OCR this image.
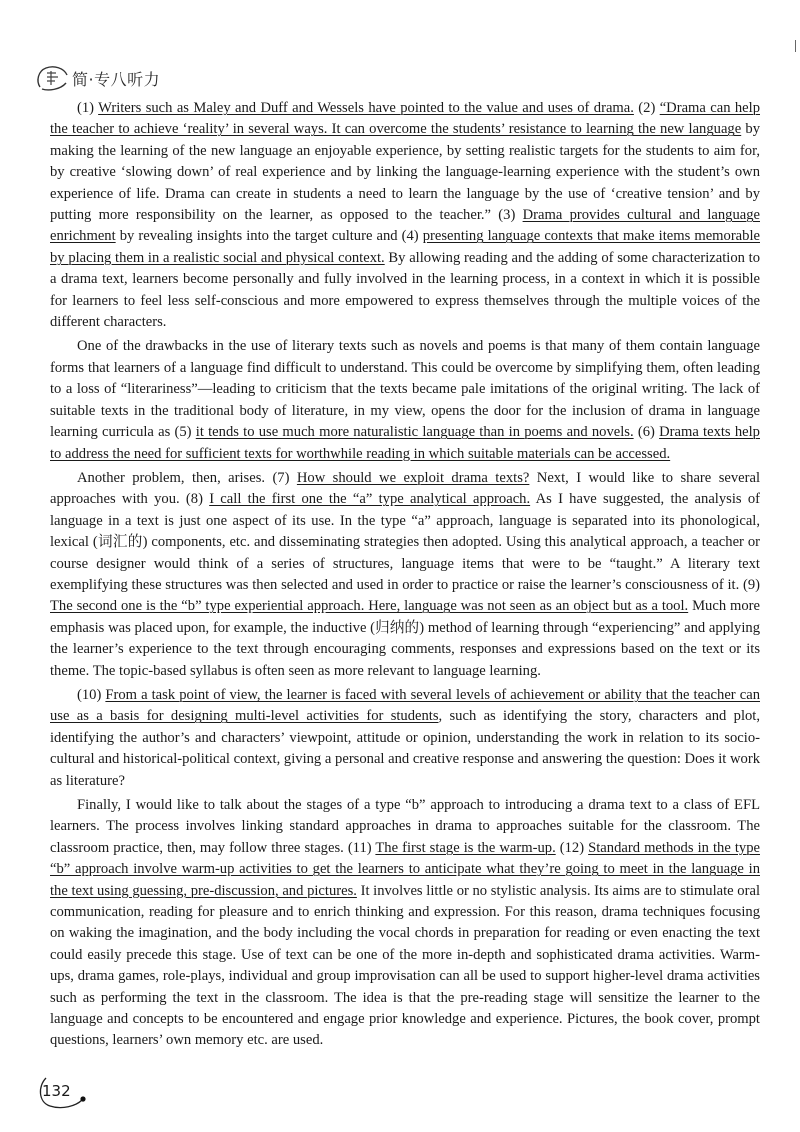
简·专八听力

(1) Writers such as Maley and Duff and Wessels have pointed to the value and uses of drama. (2) “Drama can help the teacher to achieve ‘reality’ in several ways. It can overcome the students’ resistance to learning the new language by making the learning of the new language an enjoyable experience, by setting realistic targets for the students to aim for, by creative ‘slowing down’ of real experience and by linking the language-learning experience with the student’s own experience of life. Drama can create in students a need to learn the language by the use of ‘creative tension’ and by putting more responsibility on the learner, as opposed to the teacher.” (3) Drama provides cultural and language enrichment by revealing insights into the target culture and (4) presenting language contexts that make items memorable by placing them in a realistic social and physical context. By allowing reading and the adding of some characterization to a drama text, learners become personally and fully involved in the learning process, in a context in which it is possible for learners to feel less self-conscious and more empowered to express themselves through the multiple voices of the different characters.

One of the drawbacks in the use of literary texts such as novels and poems is that many of them contain language forms that learners of a language find difficult to understand. This could be overcome by simplifying them, often leading to a loss of “literariness”—leading to criticism that the texts became pale imitations of the original writing. The lack of suitable texts in the traditional body of literature, in my view, opens the door for the inclusion of drama in language learning curricula as (5) it tends to use much more naturalistic language than in poems and novels. (6) Drama texts help to address the need for sufficient texts for worthwhile reading in which suitable materials can be accessed.

Another problem, then, arises. (7) How should we exploit drama texts? Next, I would like to share several approaches with you. (8) I call the first one the “a” type analytical approach. As I have suggested, the analysis of language in a text is just one aspect of its use. In the type “a” approach, language is separated into its phonological, lexical (词汇的) components, etc. and disseminating strategies then adopted. Using this analytical approach, a teacher or course designer would think of a series of structures, language items that were to be “taught.” A literary text exemplifying these structures was then selected and used in order to practice or raise the learner’s consciousness of it. (9) The second one is the “b” type experiential approach. Here, language was not seen as an object but as a tool. Much more emphasis was placed upon, for example, the inductive (归纳的) method of learning through “experiencing” and applying the learner’s experience to the text through encouraging comments, responses and expressions based on the text or its theme. The topic-based syllabus is often seen as more relevant to language learning.

(10) From a task point of view, the learner is faced with several levels of achievement or ability that the teacher can use as a basis for designing multi-level activities for students, such as identifying the story, characters and plot, identifying the author’s and characters’ viewpoint, attitude or opinion, understanding the work in relation to its socio-cultural and historical-political context, giving a personal and creative response and answering the question: Does it work as literature?

Finally, I would like to talk about the stages of a type “b” approach to introducing a drama text to a class of EFL learners. The process involves linking standard approaches in drama to approaches suitable for the classroom. The classroom practice, then, may follow three stages. (11) The first stage is the warm-up. (12) Standard methods in the type “b” approach involve warm-up activities to get the learners to anticipate what they’re going to meet in the language in the text using guessing, pre-discussion, and pictures. It involves little or no stylistic analysis. Its aims are to stimulate oral communication, reading for pleasure and to enrich thinking and expression. For this reason, drama techniques focusing on waking the imagination, and the body including the vocal chords in preparation for reading or even enacting the text could easily precede this stage. Use of text can be one of the more in-depth and sophisticated drama activities. Warm-ups, drama games, role-plays, individual and group improvisation can all be used to support higher-level drama activities such as performing the text in the classroom. The idea is that the pre-reading stage will sensitize the learner to the language and concepts to be encountered and engage prior knowledge and experience. Pictures, the book cover, prompt questions, learners’ own memory etc. are used.

132
